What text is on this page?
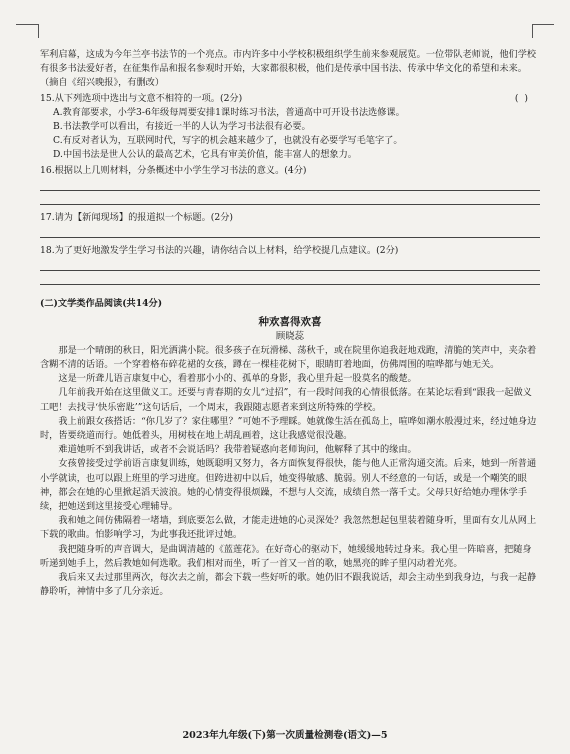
军利启幕，这成为今年兰亭书法节的一个亮点。市内许多中小学校积极组织学生前来参观展览。一位带队老师说，他们学校有很多书法爱好者，在征集作品和报名参观时开始，大家都很积极，他们是传承中国书法、传承中华文化的希望和未来。（摘自《绍兴晚报》，有删改）

()
15.从下列选项中选出与文意不相符的一项。(2分)

A.教育部要求，小学3-6年级每周要安排1课时练习书法，普通高中可开设书法选修课。

B.书法教学可以看出，有接近一半的人认为学习书法很有必要。

C.有反对者认为，互联网时代，写字的机会越来越少了，也就没有必要学写毛笔字了。

D.中国书法是世人公认的最高艺术，它具有审美价值，能丰富人的想象力。

16.根据以上几则材料，分条概述中小学生学习书法的意义。(4分)

17.请为【新闻现场】的报道拟一个标题。(2分)

18.为了更好地激发学生学习书法的兴趣，请你结合以上材料，给学校提几点建议。(2分)

(二)文学类作品阅读(共14分)

种欢喜得欢喜

顾晓蕊

那是一个晴朗的秋日，阳光洒满小院。很多孩子在玩滑梯、荡秋千，或在院里你追我赶地戏跑，清脆的笑声中，夹杂着含糊不清的话语。一个穿着格布碎花裙的女孩，蹲在一棵桂花树下，眼睛盯着地面，仿佛周围的喧哗都与她无关。

这是一所聋儿语言康复中心，看着那小小的、孤单的身影，我心里升起一股莫名的酸楚。

几年前我开始在这里做义工。还要与青春期的女儿“过招”，有一段时间我的心情很低落。在某论坛看到“跟我一起做义工吧！去找寻‘快乐密匙’”这句话后，一个周末，我跟随志愿者来到这所特殊的学校。

我上前跟女孩搭话：“你几岁了？家住哪里？”可她不予理睬。她就像生活在孤岛上，喧哗如潮水般漫过来，经过她身边时，皆要绕道而行。她低着头，用树枝在地上胡乱画着，这让我感觉很没趣。

难道她听不到我讲话，或者不会说话吗？我带着疑惑向老师询问，他解释了其中的缘由。

女孩曾接受过学前语言康复训练，她既聪明又努力，各方面恢复得很快，能与他人正常沟通交流。后来，她到一所普通小学就读，也可以跟上班里的学习进度。但跨进初中以后，她变得敏感、脆弱。别人不经意的一句话，或是一个嘲笑的眼神，都会在她的心里掀起滔天波浪。她的心情变得很烦躁，不想与人交流，成绩自然一落千丈。父母只好给她办理休学手续，把她送到这里接受心理辅导。

我和她之间仿佛隔着一堵墙，到底要怎么做，才能走进她的心灵深处？我忽然想起包里装着随身听，里面有女儿从网上下载的歌曲。怕影响学习，为此事我还批评过她。

我把随身听的声音调大，是曲调清越的《蓝莲花》。在好奇心的驱动下，她缓缓地转过身来。我心里一阵暗喜，把随身听递到她手上，然后教她如何选歌。我们相对而坐，听了一首又一首的歌，她黑亮的眸子里闪动着光亮。

我后来又去过那里两次，每次去之前，都会下载一些好听的歌。她仍旧不跟我说话，却会主动坐到我身边，与我一起静静聆听，神情中多了几分亲近。

2023年九年级(下)第一次质量检测卷(语文)—5
